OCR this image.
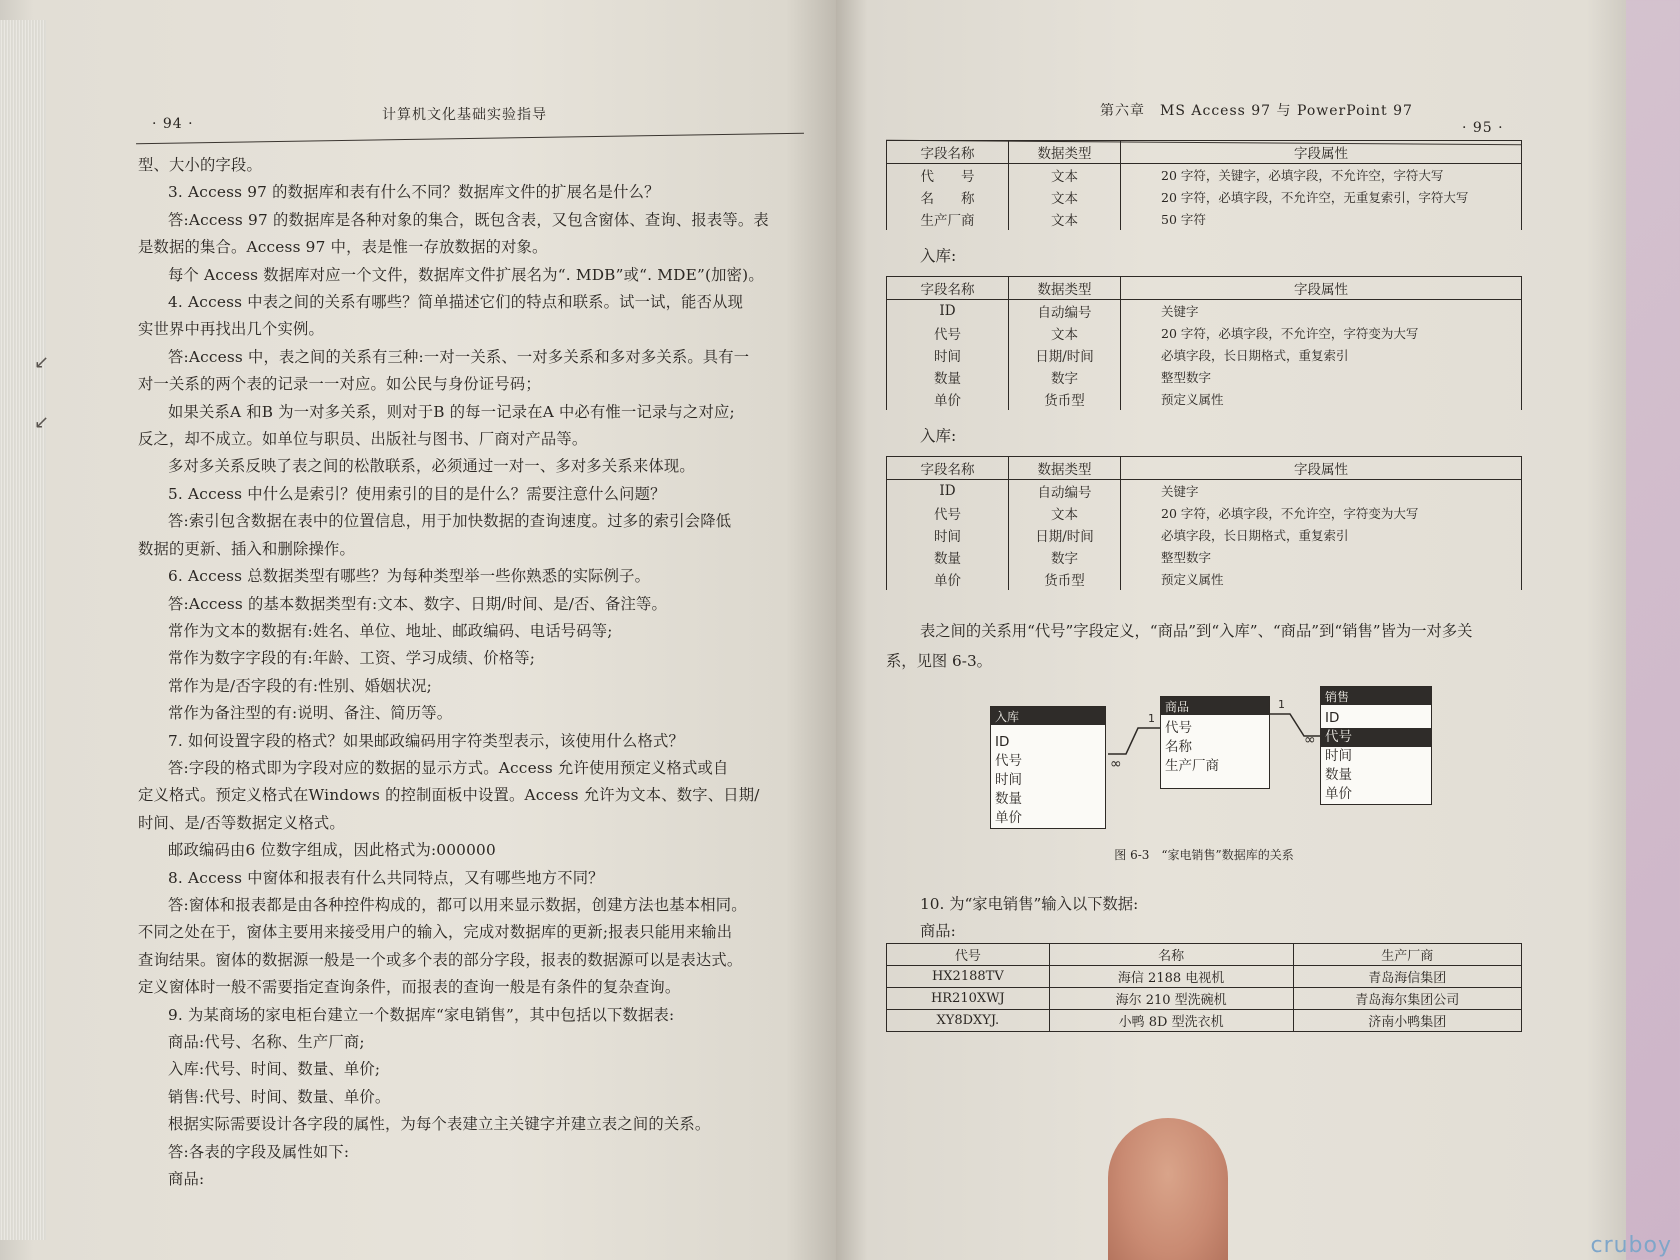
↙
↙
· 94 ·
计算机文化基础实验指导

型、大小的字段。

3. Access 97 的数据库和表有什么不同？数据库文件的扩展名是什么？

答:Access 97 的数据库是各种对象的集合，既包含表，又包含窗体、查询、报表等。表

是数据的集合。Access 97 中，表是惟一存放数据的对象。

每个 Access 数据库对应一个文件，数据库文件扩展名为“. MDB”或“. MDE”(加密)。

4. Access 中表之间的关系有哪些？简单描述它们的特点和联系。试一试，能否从现

实世界中再找出几个实例。

答:Access 中，表之间的关系有三种:一对一关系、一对多关系和多对多关系。具有一

对一关系的两个表的记录一一对应。如公民与身份证号码；

如果关系A 和B 为一对多关系，则对于B 的每一记录在A 中必有惟一记录与之对应;

反之，却不成立。如单位与职员、出版社与图书、厂商对产品等。

多对多关系反映了表之间的松散联系，必须通过一对一、多对多关系来体现。

5. Access 中什么是索引？使用索引的目的是什么？需要注意什么问题？

答:索引包含数据在表中的位置信息，用于加快数据的查询速度。过多的索引会降低

数据的更新、插入和删除操作。

6. Access 总数据类型有哪些？为每种类型举一些你熟悉的实际例子。

答:Access 的基本数据类型有:文本、数字、日期/时间、是/否、备注等。

常作为文本的数据有:姓名、单位、地址、邮政编码、电话号码等;

常作为数字字段的有:年龄、工资、学习成绩、价格等;

常作为是/否字段的有:性别、婚姻状况;

常作为备注型的有:说明、备注、简历等。

7. 如何设置字段的格式？如果邮政编码用字符类型表示，该使用什么格式？

答:字段的格式即为字段对应的数据的显示方式。Access 允许使用预定义格式或自

定义格式。预定义格式在Windows 的控制面板中设置。Access 允许为文本、数字、日期/

时间、是/否等数据定义格式。

邮政编码由6 位数字组成，因此格式为:000000

8. Access 中窗体和报表有什么共同特点，又有哪些地方不同？

答:窗体和报表都是由各种控件构成的，都可以用来显示数据，创建方法也基本相同。

不同之处在于，窗体主要用来接受用户的输入，完成对数据库的更新;报表只能用来输出

查询结果。窗体的数据源一般是一个或多个表的部分字段，报表的数据源可以是表达式。

定义窗体时一般不需要指定查询条件，而报表的查询一般是有条件的复杂查询。

9. 为某商场的家电柜台建立一个数据库“家电销售”，其中包括以下数据表:

商品:代号、名称、生产厂商;

入库:代号、时间、数量、单价;

销售:代号、时间、数量、单价。

根据实际需要设计各字段的属性，为每个表建立主关键字并建立表之间的关系。

答:各表的字段及属性如下:

商品:

第六章　MS Access 97 与 PowerPoint 97
· 95 ·
字段名称	数据类型	字段属性
代　　号	文本	20 字符，关键字，必填字段，不允许空，字符大写
名　　称	文本	20 字符，必填字段，不允许空，无重复索引，字符大写
生产厂商	文本	50 字符
入库:
字段名称	数据类型	字段属性
ID	自动编号	关键字
代号	文本	20 字符，必填字段，不允许空，字符变为大写
时间	日期/时间	必填字段，长日期格式，重复索引
数量	数字	整型数字
单价	货币型	预定义属性
入库:
字段名称	数据类型	字段属性
ID	自动编号	关键字
代号	文本	20 字符，必填字段，不允许空，字符变为大写
时间	日期/时间	必填字段，长日期格式，重复索引
数量	数字	整型数字
单价	货币型	预定义属性
表之间的关系用“代号”字段定义，“商品”到“入库”、“商品”到“销售”皆为一对多关
系，见图 6-3。
入库
ID
代号
时间
数量
单价
商品
代号
名称
生产厂商
销售
ID
代号
时间
数量
单价
1
∞
1
∞
图 6-3　“家电销售”数据库的关系
10. 为“家电销售”输入以下数据:
商品:
代号	名称	生产厂商
HX2188TV	海信 2188 电视机	青岛海信集团
HR210XWJ	海尔 210 型洗碗机	青岛海尔集团公司
XY8DXYJ.	小鸭 8D 型洗衣机	济南小鸭集团
cruboy
